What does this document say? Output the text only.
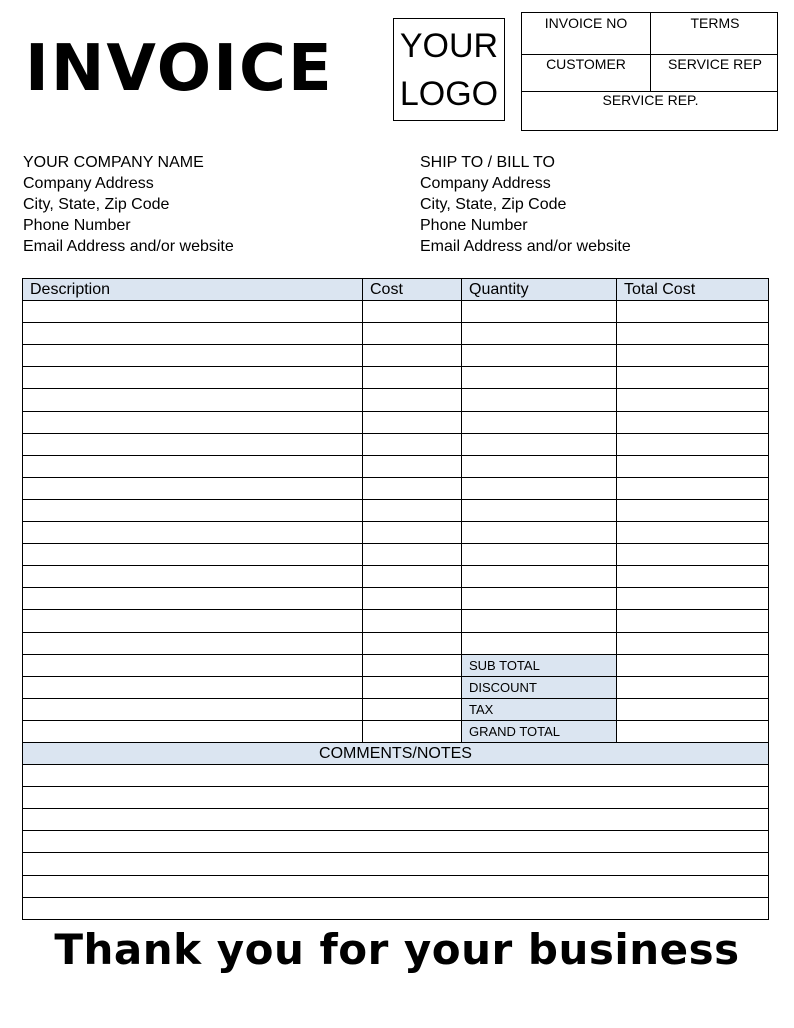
INVOICE YOUR
LOGO
INVOICE NO	TERMS
CUSTOMER	SERVICE REP
SERVICE REP.
YOUR COMPANY NAME
Company Address
City, State, Zip Code
Phone Number
Email Address and/or website
SHIP TO / BILL TO
Company Address
City, State, Zip Code
Phone Number
Email Address and/or website
Description	Cost	Quantity	Total Cost

		SUB TOTAL	
		DISCOUNT	
		TAX	
		GRAND TOTAL	
COMMENTS/NOTES			

Thank you for your business
